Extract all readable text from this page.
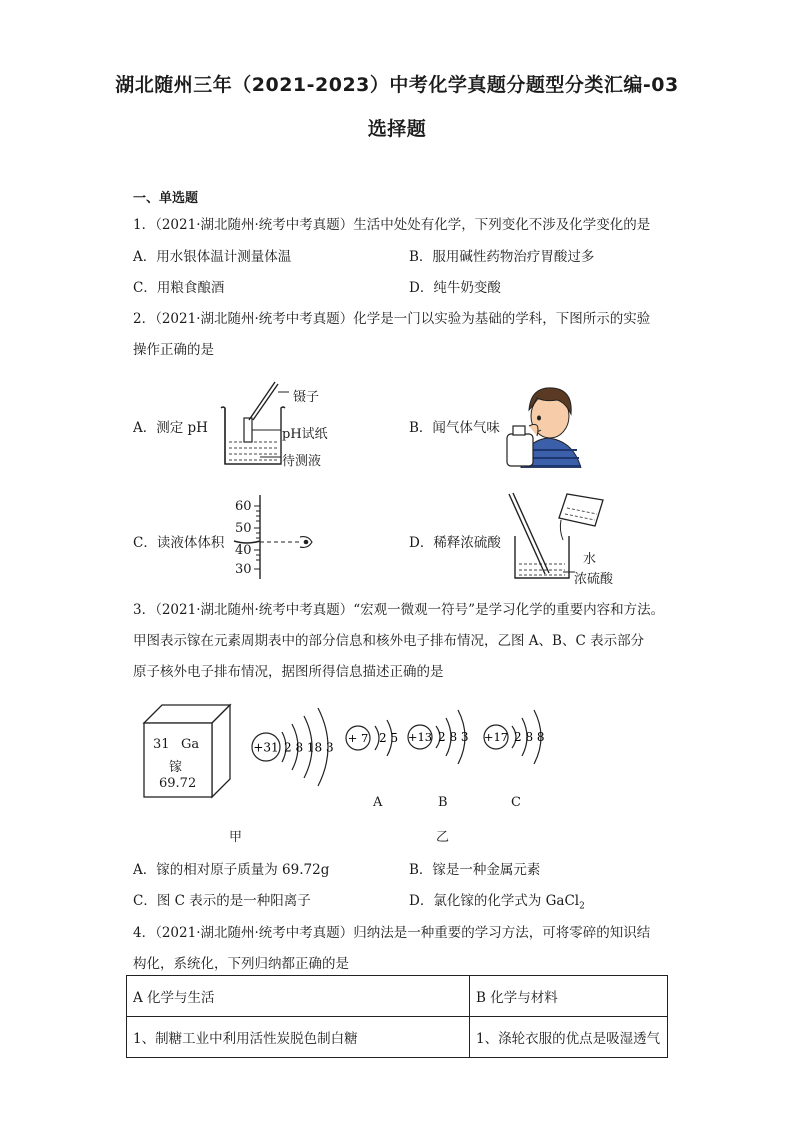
湖北随州三年（2021-2023）中考化学真题分题型分类汇编-03
选择题
一、单选题
1．（2021·湖北随州·统考中考真题）生活中处处有化学，下列变化不涉及化学变化的是
A．用水银体温计测量体温	B．服用碱性药物治疗胃酸过多
C．用粮食酿酒	D．纯牛奶变酸
2．（2021·湖北随州·统考中考真题）化学是一门以实验为基础的学科，下图所示的实验
操作正确的是
A．测定 pH
镊子
pH试纸
待测液
B．闻气体气味
C．读液体体积
60
50
40
30
D．稀释浓硫酸
水
浓硫酸
3．（2021·湖北随州·统考中考真题）“宏观一微观一符号”是学习化学的重要内容和方法。
甲图表示镓在元素周期表中的部分信息和核外电子排布情况，乙图 A、B、C 表示部分
原子核外电子排布情况，据图所得信息描述正确的是
31 Ga
镓
69.72
+31 2 8 18 3
+ 7 2 5 +13 2 8 3 +17 2 8 8
A	B	C
甲	乙
A．镓的相对原子质量为 69.72g	B．镓是一种金属元素
C．图 C 表示的是一种阳离子	D．氯化镓的化学式为 GaCl$_2$
4．（2021·湖北随州·统考中考真题）归纳法是一种重要的学习方法，可将零碎的知识结
构化，系统化，下列归纳都正确的是
A 化学与生活	B 化学与材料
1、制糖工业中利用活性炭脱色制白糖	1、涤轮衣服的优点是吸湿透气
